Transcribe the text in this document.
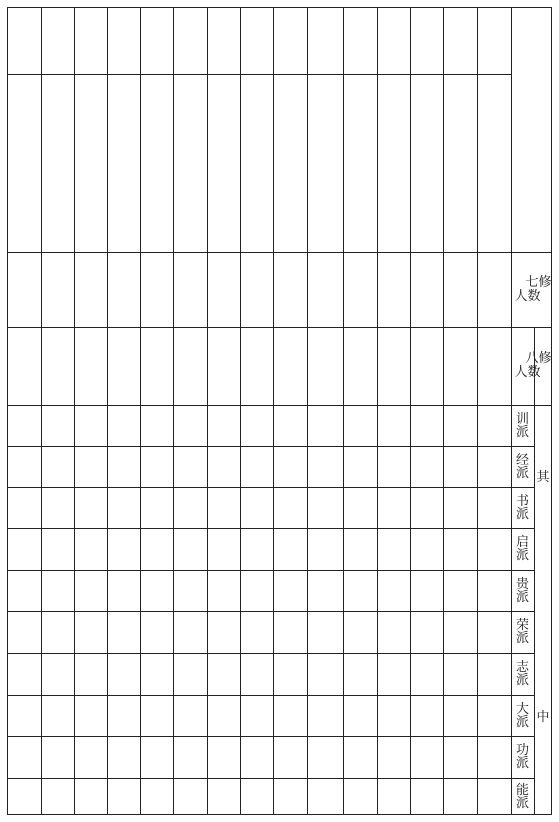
七修
人数
八修
人数
训
派
经
派
书
派
启
派
贵
派
荣
派
志
派
大
派
功
派
能
派
其
中
